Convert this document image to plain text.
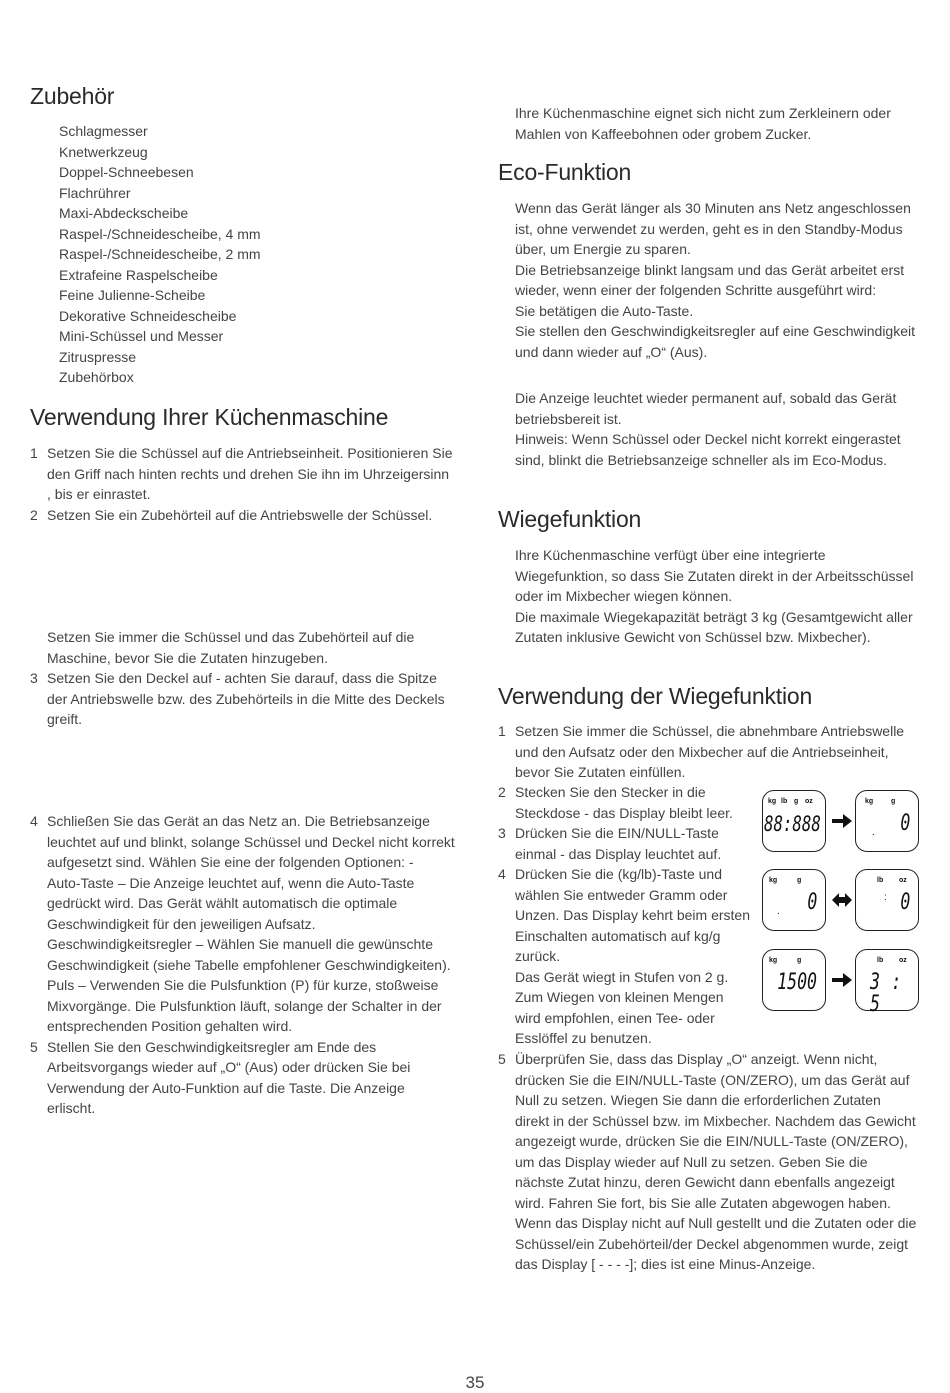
Zubehör
Schlagmesser
Knetwerkzeug
Doppel-Schneebesen
Flachrührer
Maxi-Abdeckscheibe
Raspel-/Schneidescheibe, 4 mm
Raspel-/Schneidescheibe, 2 mm
Extrafeine Raspelscheibe
Feine Julienne-Scheibe
Dekorative Schneidescheibe
Mini-Schüssel und Messer
Zitruspresse
Zubehörbox
Verwendung Ihrer Küchenmaschine
1 Setzen Sie die Schüssel auf die Antriebseinheit. Positionieren Sie den Griff nach hinten rechts und drehen Sie ihn im Uhrzeigersinn , bis er einrastet.

2 Setzen Sie ein Zubehörteil auf die Antriebswelle der Schüssel.

Setzen Sie immer die Schüssel und das Zubehörteil auf die Maschine, bevor Sie die Zutaten hinzugeben.

3 Setzen Sie den Deckel auf - achten Sie darauf, dass die Spitze der Antriebswelle bzw. des Zubehörteils in die Mitte des Deckels greift.

4 Schließen Sie das Gerät an das Netz an. Die Betriebsanzeige leuchtet auf und blinkt, solange Schüssel und Deckel nicht korrekt aufgesetzt sind. Wählen Sie eine der folgenden Optionen: -

Auto-Taste – Die Anzeige leuchtet auf, wenn die Auto-Taste gedrückt wird. Das Gerät wählt automatisch die optimale Geschwindigkeit für den jeweiligen Aufsatz.

Geschwindigkeitsregler – Wählen Sie manuell die gewünschte Geschwindigkeit (siehe Tabelle empfohlener Geschwindigkeiten).

Puls – Verwenden Sie die Pulsfunktion (P) für kurze, stoßweise Mixvorgänge. Die Pulsfunktion läuft, solange der Schalter in der entsprechenden Position gehalten wird.

5 Stellen Sie den Geschwindigkeitsregler am Ende des Arbeitsvorgangs wieder auf „O“ (Aus) oder drücken Sie bei Verwendung der Auto-Funktion auf die Taste. Die Anzeige erlischt.

Ihre Küchenmaschine eignet sich nicht zum Zerkleinern oder Mahlen von Kaffeebohnen oder grobem Zucker.

Eco-Funktion

Wenn das Gerät länger als 30 Minuten ans Netz angeschlossen ist, ohne verwendet zu werden, geht es in den Standby-Modus über, um Energie zu sparen.

Die Betriebsanzeige blinkt langsam und das Gerät arbeitet erst wieder, wenn einer der folgenden Schritte ausgeführt wird:

Sie betätigen die Auto-Taste.

Sie stellen den Geschwindigkeitsregler auf eine Geschwindigkeit und dann wieder auf „O“ (Aus).

Die Anzeige leuchtet wieder permanent auf, sobald das Gerät betriebsbereit ist.

Hinweis: Wenn Schüssel oder Deckel nicht korrekt eingerastet sind, blinkt die Betriebsanzeige schneller als im Eco-Modus.

Wiegefunktion

Ihre Küchenmaschine verfügt über eine integrierte Wiegefunktion, so dass Sie Zutaten direkt in der Arbeitsschüssel oder im Mixbecher wiegen können.

Die maximale Wiegekapazität beträgt 3 kg (Gesamtgewicht aller Zutaten inklusive Gewicht von Schüssel bzw. Mixbecher).

Verwendung der Wiegefunktion
1 Setzen Sie immer die Schüssel, die abnehmbare Antriebswelle und den Aufsatz oder den Mixbecher auf die Antriebseinheit, bevor Sie Zutaten einfüllen.

2 Stecken Sie den Stecker in die Steckdose - das Display bleibt leer.

3 Drücken Sie die EIN/NULL-Taste einmal - das Display leuchtet auf.

4 Drücken Sie die (kg/lb)-Taste und wählen Sie entweder Gramm oder Unzen. Das Display kehrt beim ersten Einschalten automatisch auf kg/g zurück.

Das Gerät wiegt in Stufen von 2 g. Zum Wiegen von kleinen Mengen wird empfohlen, einen Tee- oder Esslöffel zu benutzen.

5 Überprüfen Sie, dass das Display „O“ anzeigt. Wenn nicht, drücken Sie die EIN/NULL-Taste (ON/ZERO), um das Gerät auf Null zu setzen. Wiegen Sie dann die erforderlichen Zutaten direkt in der Schüssel bzw. im Mixbecher. Nachdem das Gewicht angezeigt wurde, drücken Sie die EIN/NULL-Taste (ON/ZERO), um das Display wieder auf Null zu setzen. Geben Sie die nächste Zutat hinzu, deren Gewicht dann ebenfalls angezeigt wird. Fahren Sie fort, bis Sie alle Zutaten abgewogen haben.

Wenn das Display nicht auf Null gestellt und die Zutaten oder die Schüssel/ein Zubehörteil/der Deckel abgenommen wurde, zeigt das Display [ - - - -]; dies ist eine Minus-Anzeige.

kg lb g oz
88:888
kg	g
0
.
kg	g
0
.
lb oz
0
:
kg	g
1500
lb oz
3 : 5
35
